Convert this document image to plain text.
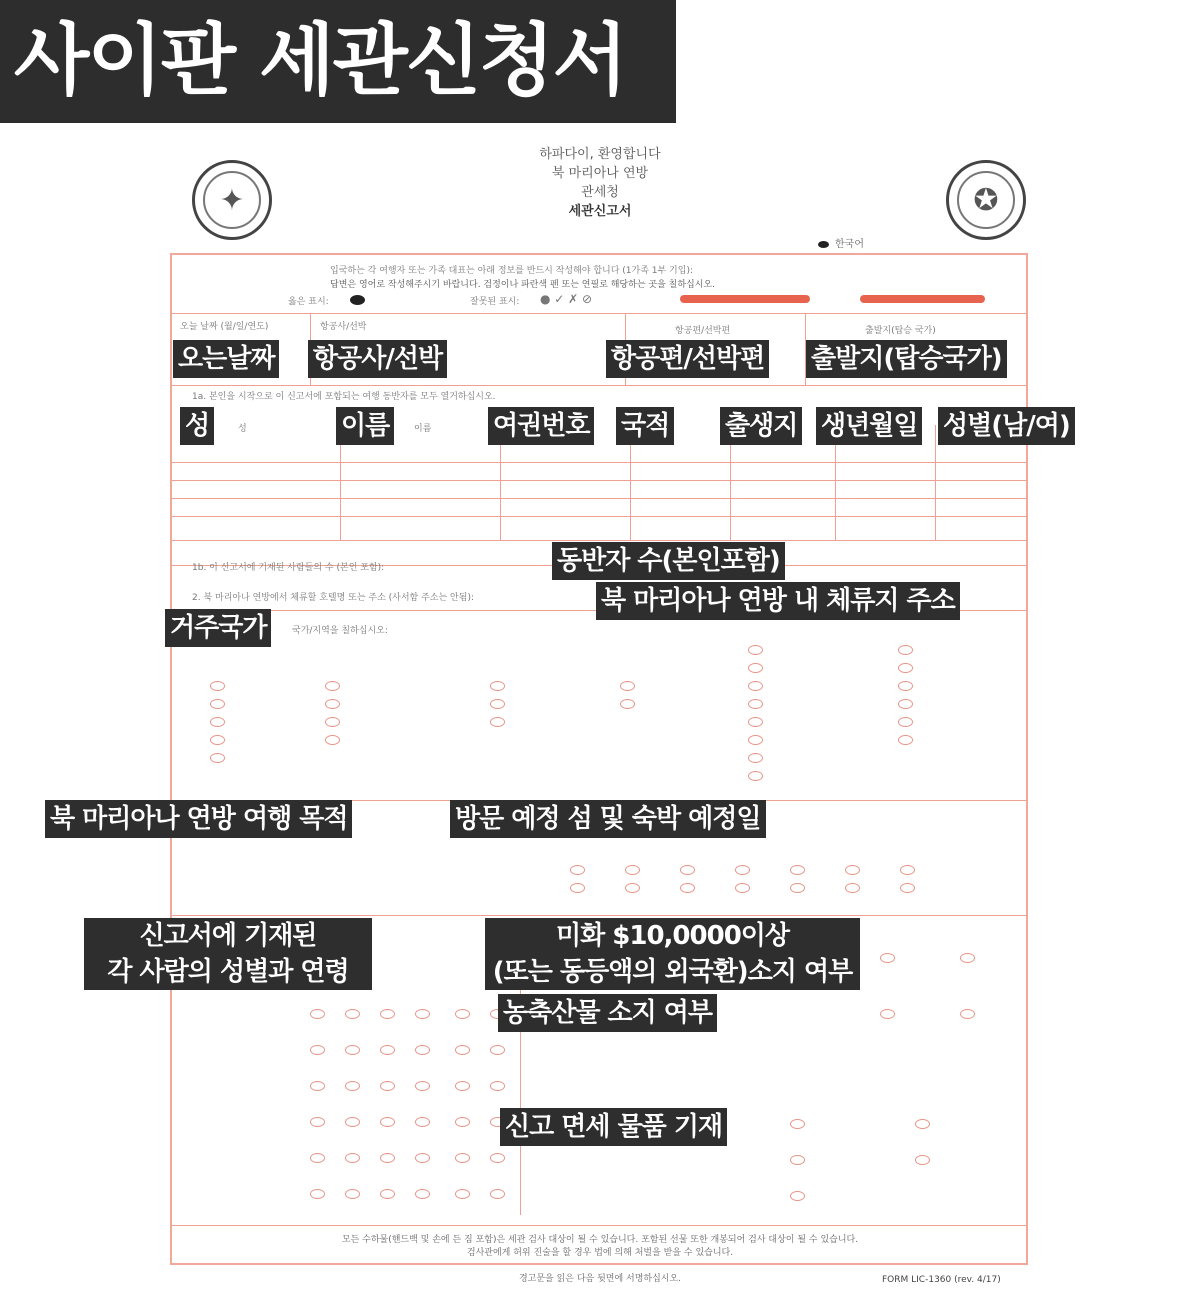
사이판 세관신청서
✦	✪
하파다이, 환영합니다
북 마리아나 연방
관세청
세관신고서
한국어
입국하는 각 여행자 또는 가족 대표는 아래 정보를 반드시 작성해야 합니다 (1가족 1부 기입):
답변은 영어로 작성해주시기 바랍니다. 검정이나 파란색 펜 또는 연필로 해당하는 곳을 칠하십시오.
옳은 표시:	잘못된 표시: ● ✓ ✗ ⊘
오늘 날짜 (월/일/연도)	항공사/선박	항공편/선박편	출발지(탑승 국가)
1a. 본인을 시작으로 이 신고서에 포함되는 여행 동반자를 모두 열거하십시오.
성	이름
1b. 이 신고서에 기재된 사람들의 수 (본인 포함):
2. 북 마리아나 연방에서 체류할 호텔명 또는 주소 (사서함 주소는 안됨):
국가/지역을 칠하십시오:
모든 수하물(핸드백 및 손에 든 짐 포함)은 세관 검사 대상이 될 수 있습니다. 포함된 선물 또한 개봉되어 검사 대상이 될 수 있습니다.
검사관에게 허위 진술을 할 경우 법에 의해 처벌을 받을 수 있습니다.
경고문을 읽은 다음 뒷면에 서명하십시오.	FORM LIC-1360 (rev. 4/17)
오는날짜 항공사/선박	항공편/선박편 출발지(탑승국가)
성	이름	여권번호 국적 출생지 생년월일 성별(남/여)
동반자 수(본인포함)
북 마리아나 연방 내 체류지 주소
거주국가
북 마리아나 연방 여행 목적	방문 예정 섬 및 숙박 예정일
신고서에 기재된
각 사람의 성별과 연령
미화 $10,0000이상
(또는 동등액의 외국환)소지 여부
농축산물 소지 여부
신고 면세 물품 기재
